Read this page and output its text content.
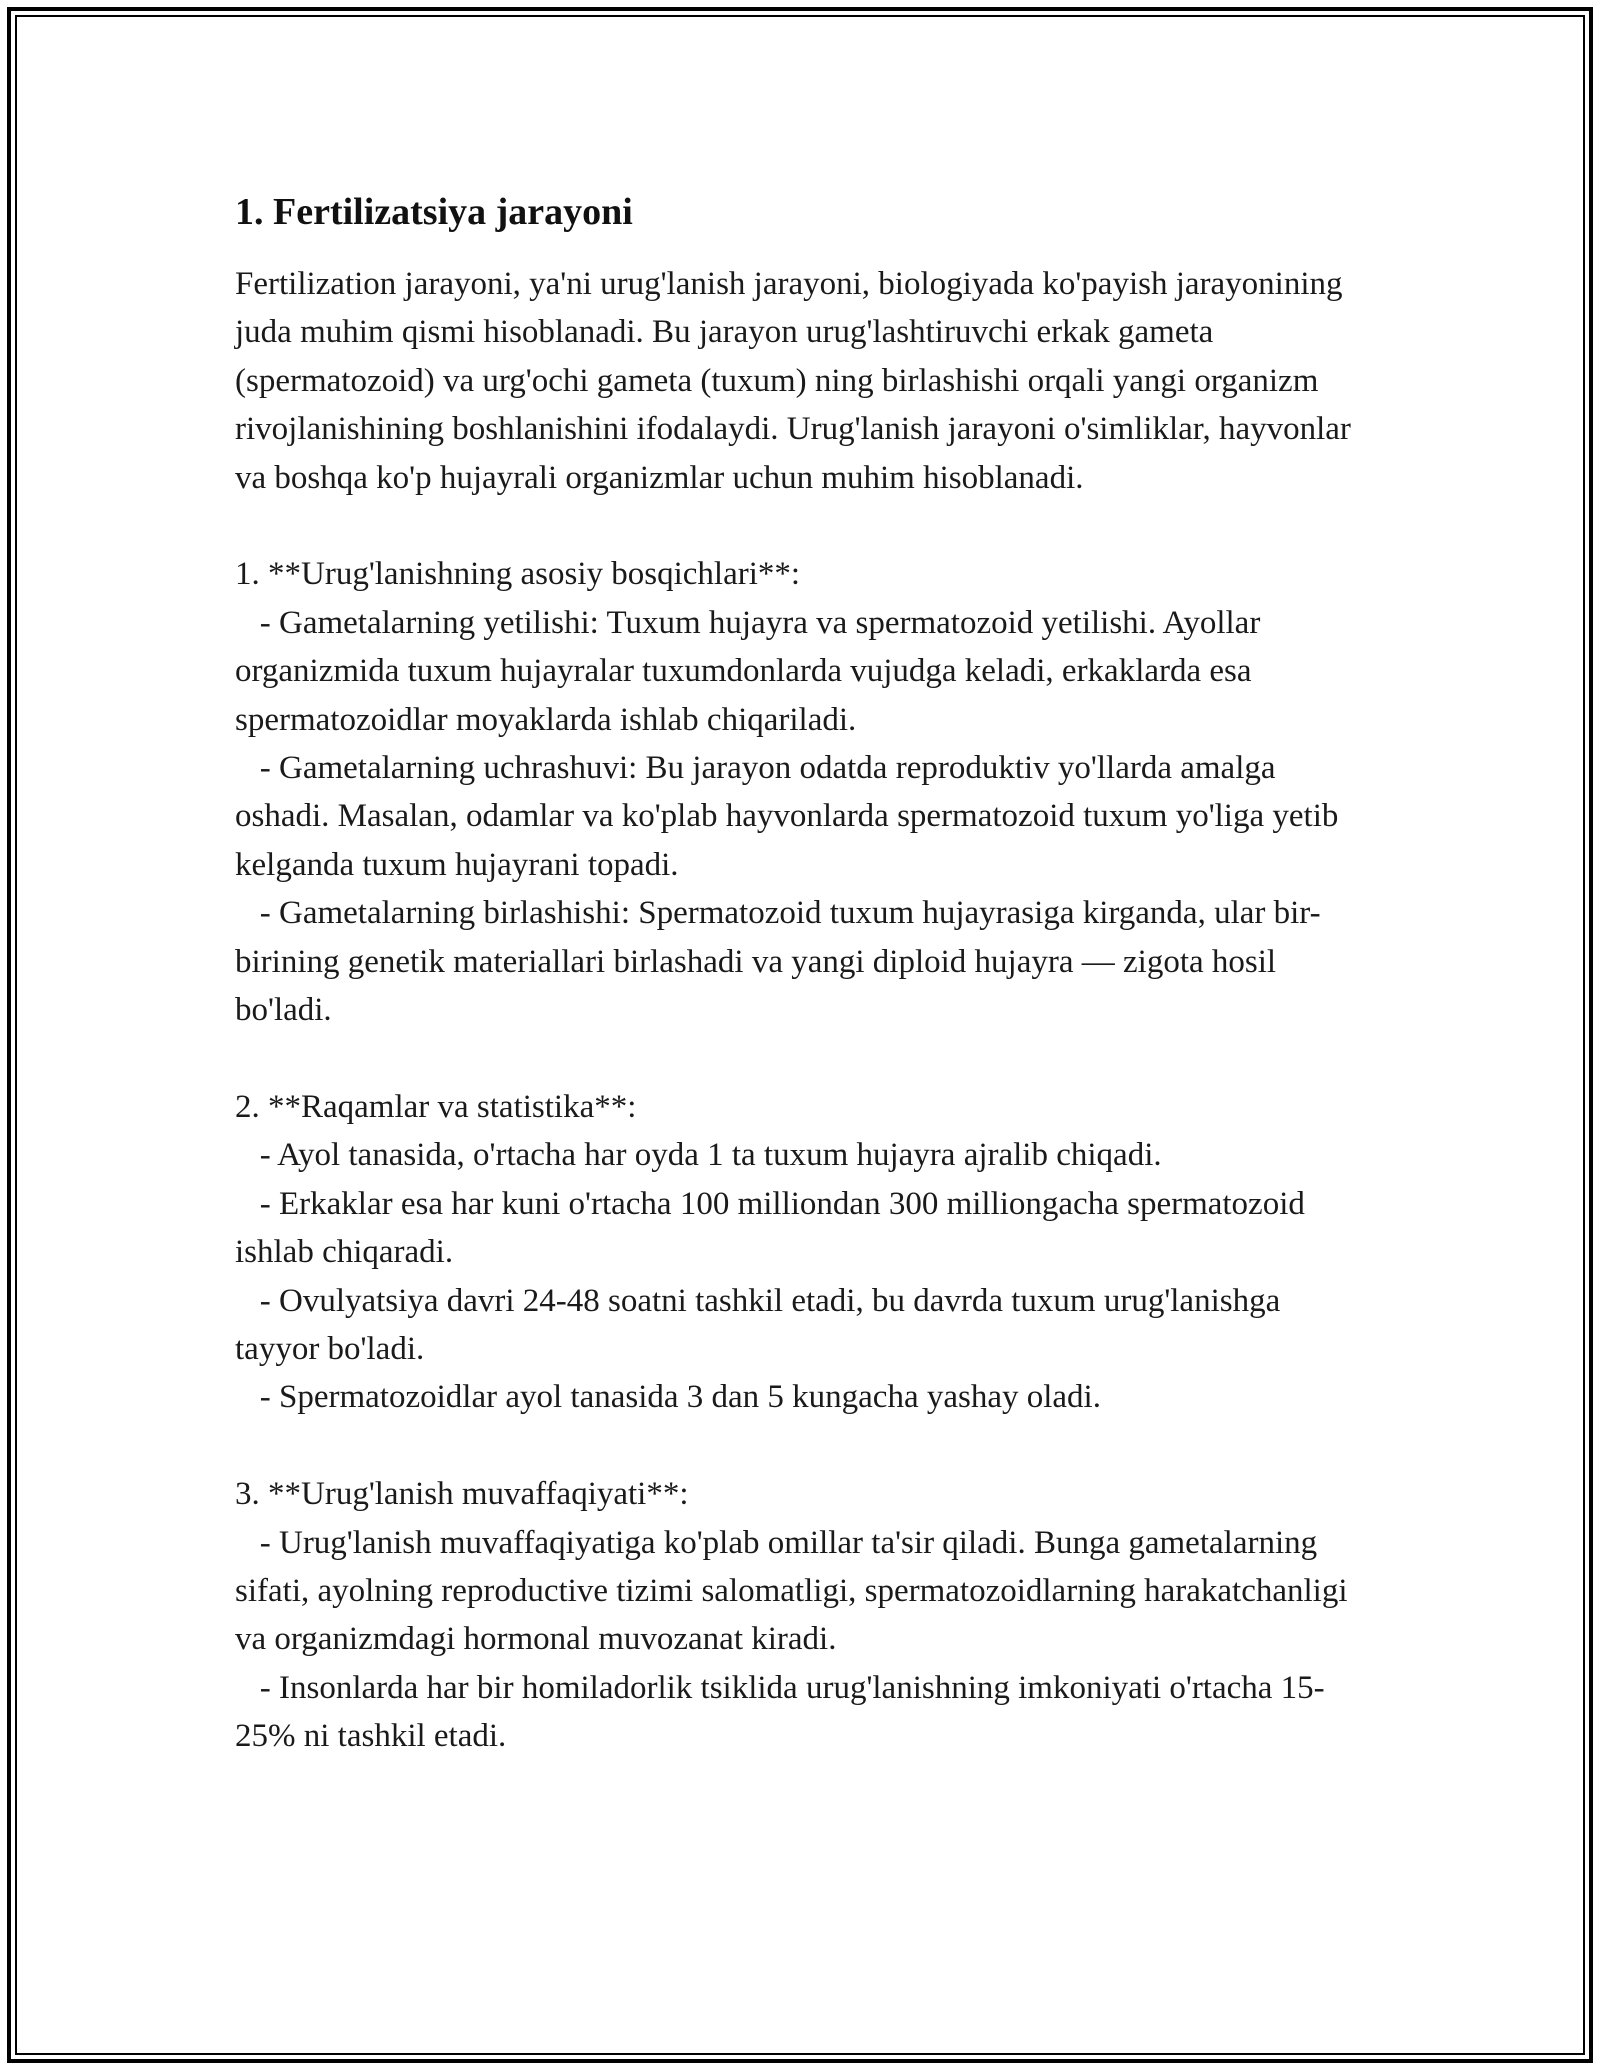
1. Fertilizatsiya jarayoni

Fertilization jarayoni, ya'ni urug'lanish jarayoni, biologiyada ko'payish jarayonining juda muhim qismi hisoblanadi. Bu jarayon urug'lashtiruvchi erkak gameta (spermatozoid) va urg'ochi gameta (tuxum) ning birlashishi orqali yangi organizm rivojlanishining boshlanishini ifodalaydi. Urug'lanish jarayoni o'simliklar, hayvonlar va boshqa ko'p hujayrali organizmlar uchun muhim hisoblanadi.

1. **Urug'lanishning asosiy bosqichlari**:
- Gametalarning yetilishi: Tuxum hujayra va spermatozoid yetilishi. Ayollar organizmida tuxum hujayralar tuxumdonlarda vujudga keladi, erkaklarda esa spermatozoidlar moyaklarda ishlab chiqariladi.
- Gametalarning uchrashuvi: Bu jarayon odatda reproduktiv yo'llarda amalga oshadi. Masalan, odamlar va ko'plab hayvonlarda spermatozoid tuxum yo'liga yetib kelganda tuxum hujayrani topadi.
- Gametalarning birlashishi: Spermatozoid tuxum hujayrasiga kirganda, ular bir-birining genetik materiallari birlashadi va yangi diploid hujayra — zigota hosil bo'ladi.

2. **Raqamlar va statistika**:
- Ayol tanasida, o'rtacha har oyda 1 ta tuxum hujayra ajralib chiqadi.
- Erkaklar esa har kuni o'rtacha 100 milliondan 300 milliongacha spermatozoid ishlab chiqaradi.
- Ovulyatsiya davri 24-48 soatni tashkil etadi, bu davrda tuxum urug'lanishga tayyor bo'ladi.
- Spermatozoidlar ayol tanasida 3 dan 5 kungacha yashay oladi.

3. **Urug'lanish muvaffaqiyati**:
- Urug'lanish muvaffaqiyatiga ko'plab omillar ta'sir qiladi. Bunga gametalarning sifati, ayolning reproductive tizimi salomatligi, spermatozoidlarning harakatchanligi va organizmdagi hormonal muvozanat kiradi.
- Insonlarda har bir homiladorlik tsiklida urug'lanishning imkoniyati o'rtacha 15-25% ni tashkil etadi.
